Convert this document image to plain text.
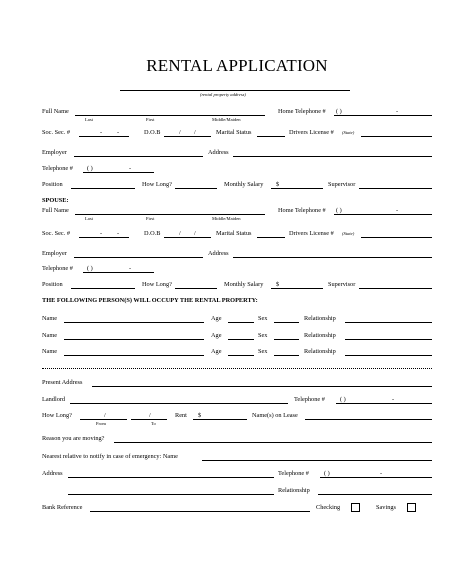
RENTAL APPLICATION
(rental property address)
Full Name
Last	First	Middle/Maiden
Home Telephone # ( )	-
Soc. Sec. #	- -	D.O.B	/ /	Marital Status	Drivers License # (State)
Employer	Address
Telephone # ( )	-
Position	How Long?	Monthly Salary $	Supervisor
SPOUSE:
Full Name
Last	First	Middle/Maiden
Home Telephone # ( )	-
Soc. Sec. #	- -	D.O.B	/ /	Marital Status	Drivers License # (State)
Employer	Address
Telephone # ( )	-
Position	How Long?	Monthly Salary $	Supervisor
THE FOLLOWING PERSON(S) WILL OCCUPY THE RENTAL PROPERTY:
Name	Age	Sex	Relationship
Name	Age	Sex	Relationship
Name	Age	Sex	Relationship
Present Address
Landlord	Telephone # ( )	-
How Long?	/	/
From	To
Rent $	Name(s) on Lease
Reason you are moving?
Nearest relative to notify in case of emergency: Name
Address	Telephone # ( )	-
Relationship
Bank Reference	Checking	Savings
